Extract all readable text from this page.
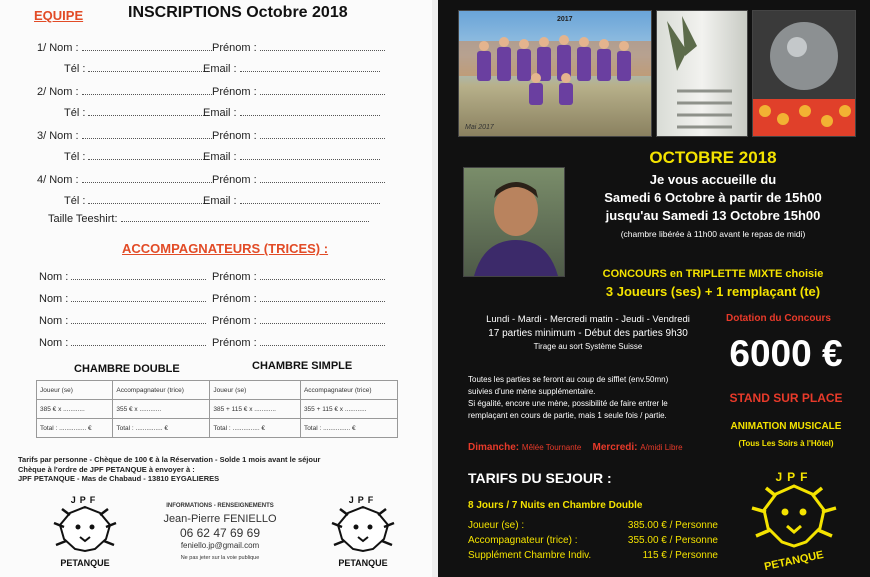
EQUIPE	INSCRIPTIONS Octobre 2018
1/ Nom :	Prénom :
Tél :	Email :
2/ Nom :	Prénom :
Tél :	Email :
3/ Nom :	Prénom :
Tél :	Email :
4/ Nom :	Prénom :
Tél :	Email :
Taille Teeshirt:
ACCOMPAGNATEURS (TRICES) :
Nom :	Prénom :
Nom :	Prénom :
Nom :	Prénom :
Nom :	Prénom :
CHAMBRE DOUBLE	CHAMBRE SIMPLE
Joueur (se)	Accompagnateur (trice)	Joueur (se)	Accompagnateur (trice)
385 € x ............	355 € x ............	385 + 115 € x ............	355 + 115 € x ............
Total : ............... €	Total : ............... €	Total : ............... €	Total : ............... €
Tarifs par personne - Chèque de 100 € à la Réservation - Solde 1 mois avant le séjour
Chèque à l'ordre de JPF PETANQUE à envoyer à :
JPF PETANQUE - Mas de Chabaud - 13810 EYGALIERES
INFORMATIONS - RENSEIGNEMENTS
Jean-Pierre FENIELLO
06 62 47 69 69
feniello.jp@gmail.com
Ne pas jeter sur la voie publique
JPF
PETANQUE
JPF
PETANQUE
2017
Mai 2017
OCTOBRE 2018
Je vous accueille du
Samedi 6 Octobre à partir de 15h00
jusqu'au Samedi 13 Octobre 15h00
(chambre libérée à 11h00 avant le repas de midi)
CONCOURS en TRIPLETTE MIXTE choisie
3 Joueurs (ses) + 1 remplaçant (te)
Lundi - Mardi - Mercredi matin - Jeudi - Vendredi
17 parties minimum - Début des parties 9h30
Tirage au sort Système Suisse
Toutes les parties se feront au coup de sifflet (env.50mn)
suivies d'une mène supplémentaire.
Si égalité, encore une mène, possibilité de faire entrer le
remplaçant en cours de partie, mais 1 seule fois / partie.
Dimanche: Mêlée Tournante Mercredi: A/midi Libre
Dotation du Concours
6000 €
STAND SUR PLACE
ANIMATION MUSICALE
(Tous Les Soirs à l'Hôtel)
TARIFS DU SEJOUR :
8 Jours / 7 Nuits en Chambre Double
Joueur (se) :	385.00 € / Personne
Accompagnateur (trice) :	355.00 € / Personne
Supplément Chambre Indiv.	115 € / Personne
JPF
PETANQUE
